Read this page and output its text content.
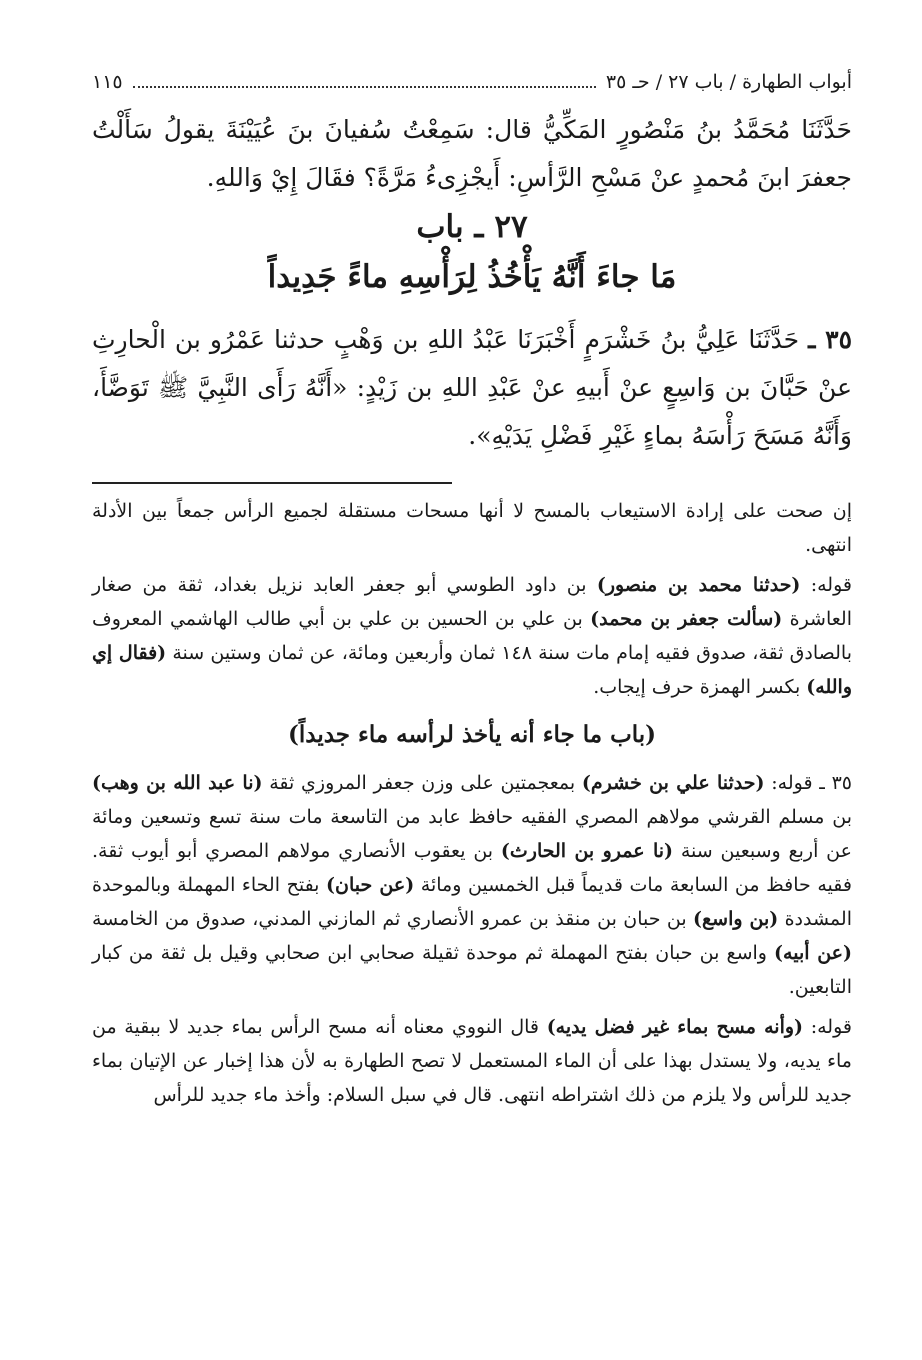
أبواب الطهارة / باب ٢٧ / حـ ٣٥
١١٥

حَدَّثَنَا مُحَمَّدُ بنُ مَنْصُورٍ المَكِّيُّ قال: سَمِعْتُ سُفيانَ بنَ عُيَيْنَةَ يقولُ سَأَلْتُ جعفرَ ابنَ مُحمدٍ عنْ مَسْحِ الرَّأسِ: أَيجْزِىءُ مَرَّةً؟ فقَالَ إِيْ وَاللهِ.

٢٧ ـ باب
مَا جاءَ أَنَّهُ يَأْخُذُ لِرَأْسِهِ ماءً جَدِيداً

٣٥ ـ حَدَّثَنَا عَلِيُّ بنُ خَشْرَمٍ أَخْبَرَنَا عَبْدُ اللهِ بن وَهْبٍ حدثنا عَمْرُو بن الْحارِثِ عنْ حَبَّانَ بن وَاسِعٍ عنْ أَبيهِ عنْ عَبْدِ اللهِ بن زَيْدٍ: «أَنَّهُ رَأَى النَّبِيَّ ﷺ تَوَضَّأَ، وَأَنَّهُ مَسَحَ رَأْسَهُ بماءٍ غَيْرِ فَضْلِ يَدَيْهِ».

إن صحت على إرادة الاستيعاب بالمسح لا أنها مسحات مستقلة لجميع الرأس جمعاً بين الأدلة انتهى.

قوله: (حدثنا محمد بن منصور) بن داود الطوسي أبو جعفر العابد نزيل بغداد، ثقة من صغار العاشرة (سألت جعفر بن محمد) بن علي بن الحسين بن علي بن أبي طالب الهاشمي المعروف بالصادق ثقة، صدوق فقيه إمام مات سنة ١٤٨ ثمان وأربعين ومائة، عن ثمان وستين سنة (فقال إي والله) بكسر الهمزة حرف إيجاب.

(باب ما جاء أنه يأخذ لرأسه ماء جديداً)

٣٥ ـ قوله: (حدثنا علي بن خشرم) بمعجمتين على وزن جعفر المروزي ثقة (نا عبد الله بن وهب) بن مسلم القرشي مولاهم المصري الفقيه حافظ عابد من التاسعة مات سنة تسع وتسعين ومائة عن أربع وسبعين سنة (نا عمرو بن الحارث) بن يعقوب الأنصاري مولاهم المصري أبو أيوب ثقة. فقيه حافظ من السابعة مات قديماً قبل الخمسين ومائة (عن حبان) بفتح الحاء المهملة وبالموحدة المشددة (بن واسع) بن حبان بن منقذ بن عمرو الأنصاري ثم المازني المدني، صدوق من الخامسة (عن أبيه) واسع بن حبان بفتح المهملة ثم موحدة ثقيلة صحابي ابن صحابي وقيل بل ثقة من كبار التابعين.

قوله: (وأنه مسح بماء غير فضل يديه) قال النووي معناه أنه مسح الرأس بماء جديد لا ببقية من ماء يديه، ولا يستدل بهذا على أن الماء المستعمل لا تصح الطهارة به لأن هذا إخبار عن الإتيان بماء جديد للرأس ولا يلزم من ذلك اشتراطه انتهى. قال في سبل السلام: وأخذ ماء جديد للرأس
